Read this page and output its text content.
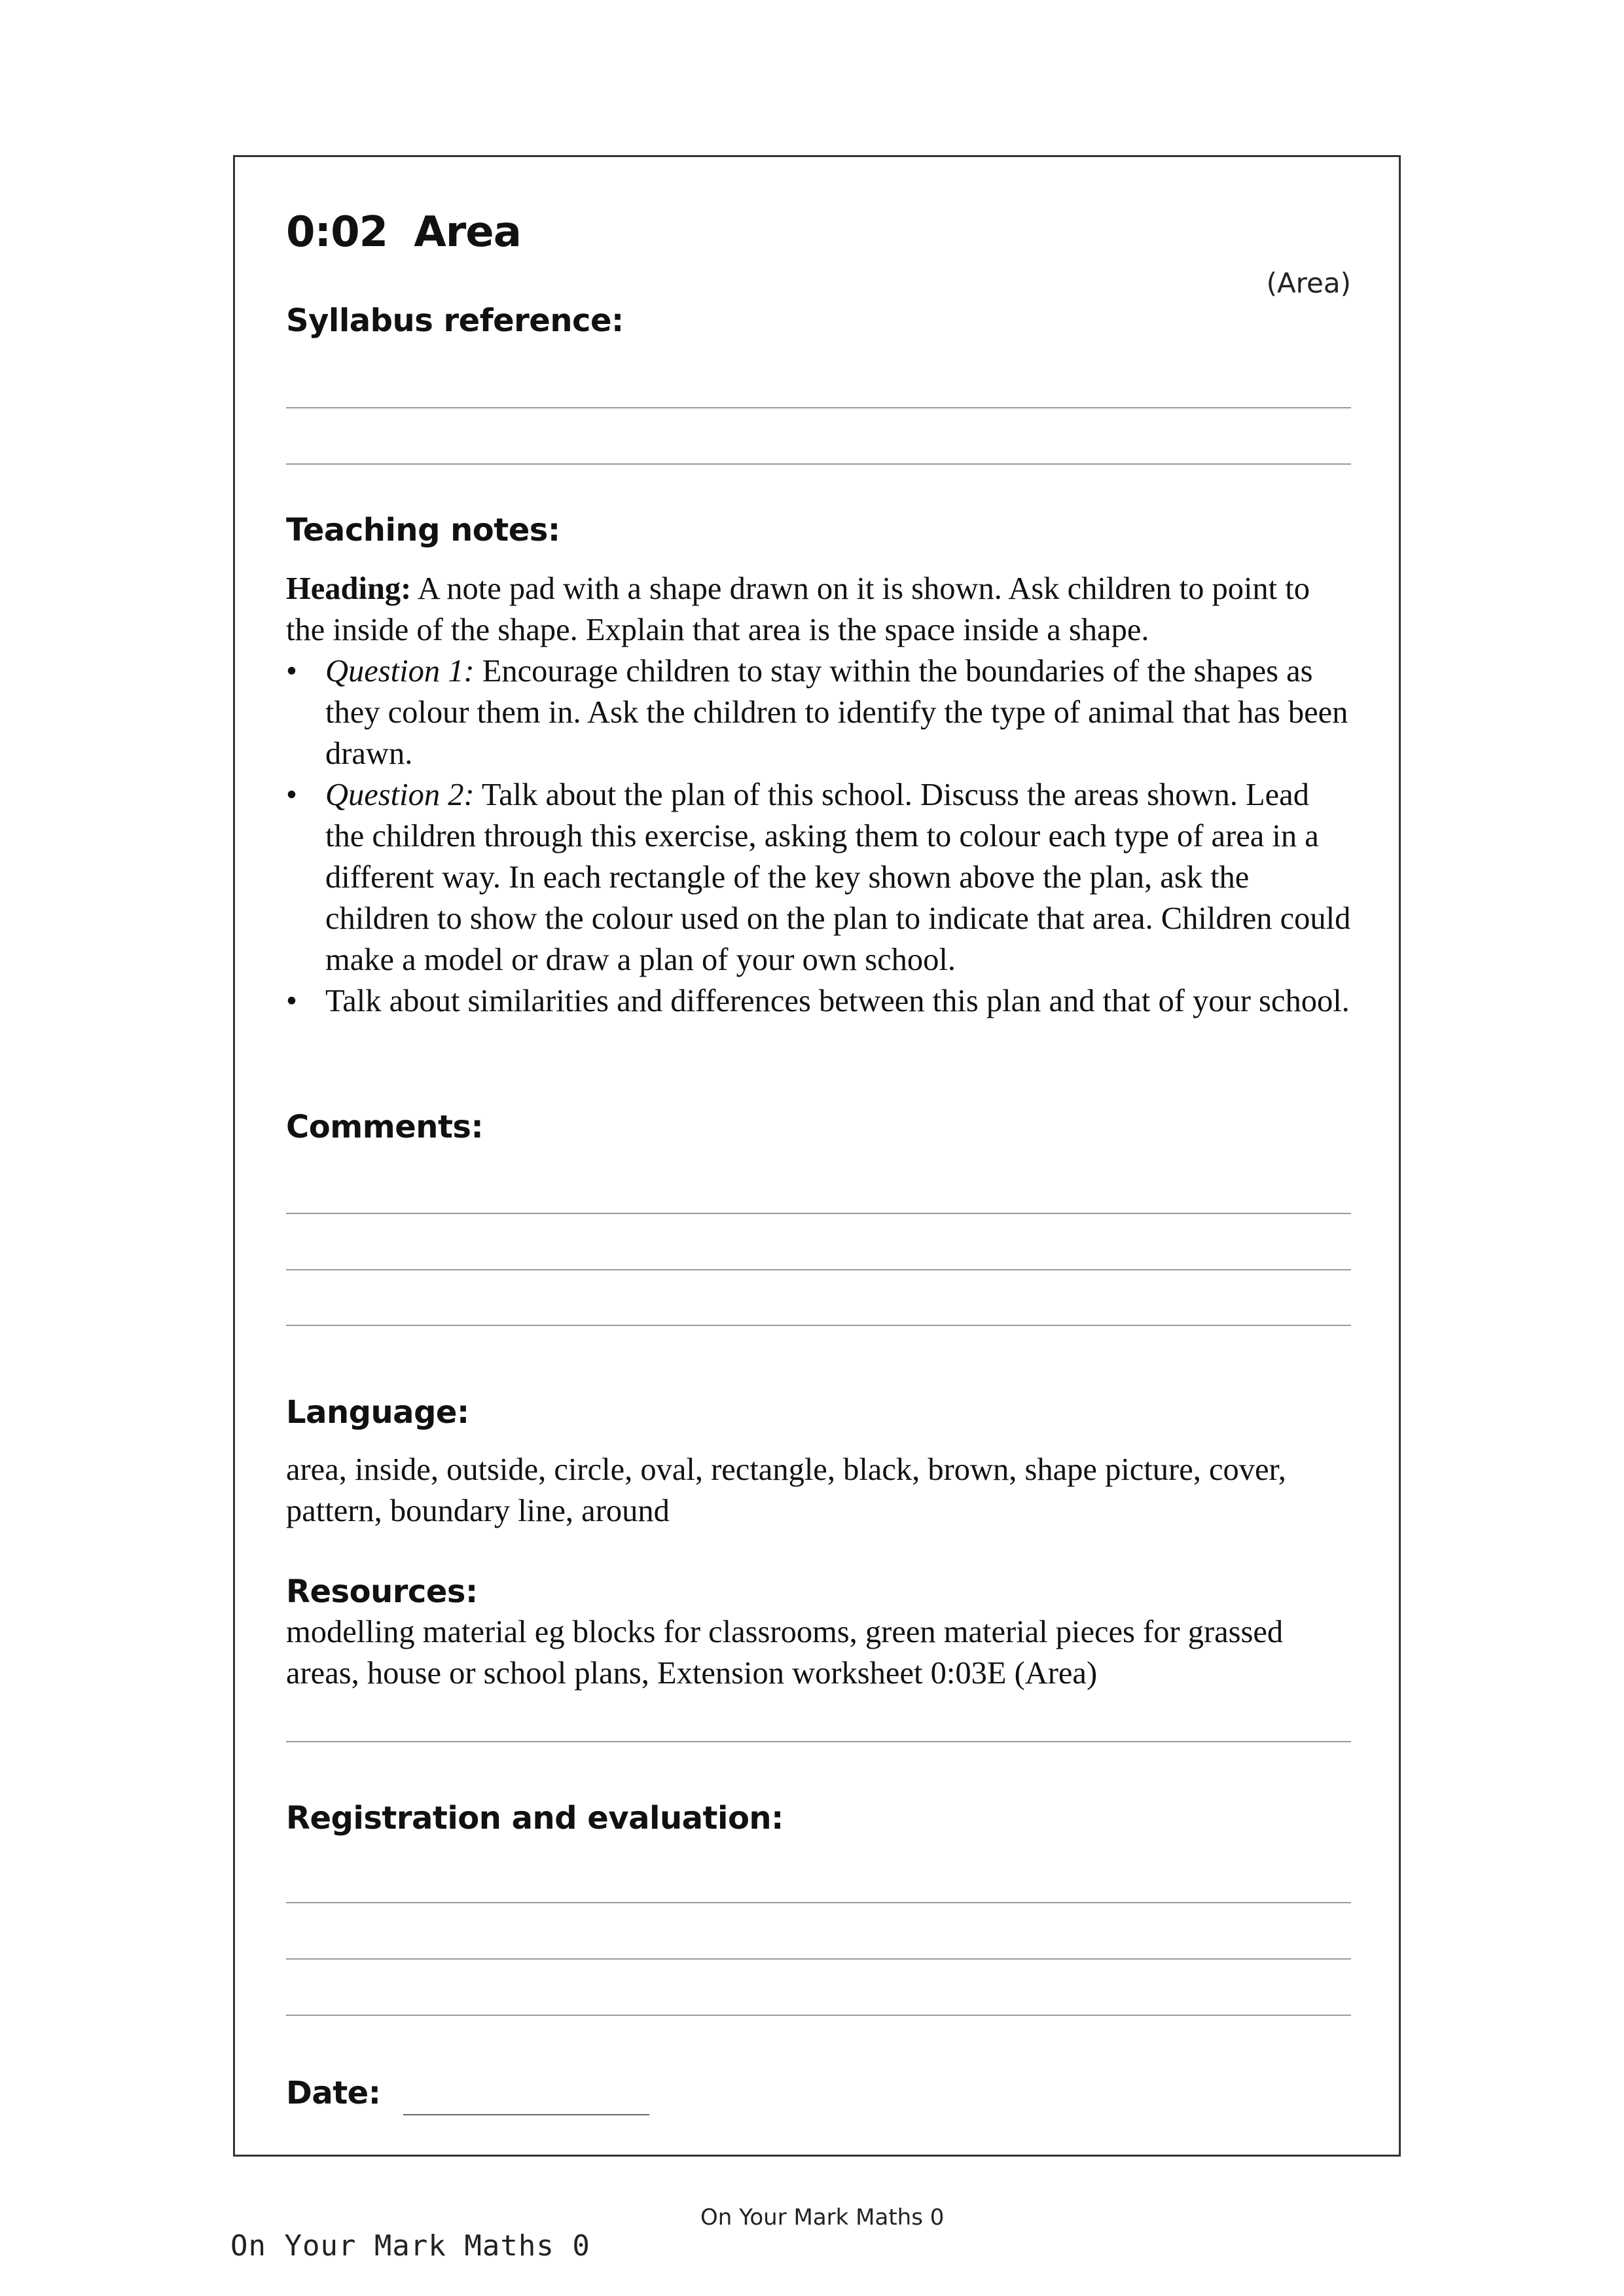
0:02 Area
(Area)
Syllabus reference:
Teaching notes:

Heading: A note pad with a shape drawn on it is shown. Ask children to point to the inside of the shape. Explain that area is the space inside a shape.

• Question 1: Encourage children to stay within the boundaries of the shapes as they colour them in. Ask the children to identify the type of animal that has been drawn.
• Question 2: Talk about the plan of this school. Discuss the areas shown. Lead the children through this exercise, asking them to colour each type of area in a different way. In each rectangle of the key shown above the plan, ask the children to show the colour used on the plan to indicate that area. Children could make a model or draw a plan of your own school.
• Talk about similarities and differences between this plan and that of your school.
Comments:
Language:
area, inside, outside, circle, oval, rectangle, black, brown, shape picture, cover, pattern, boundary line, around
Resources:
modelling material eg blocks for classrooms, green material pieces for grassed areas, house or school plans, Extension worksheet 0:03E (Area)
Registration and evaluation:
Date:
On Your Mark Maths 0
On Your Mark Maths 0
